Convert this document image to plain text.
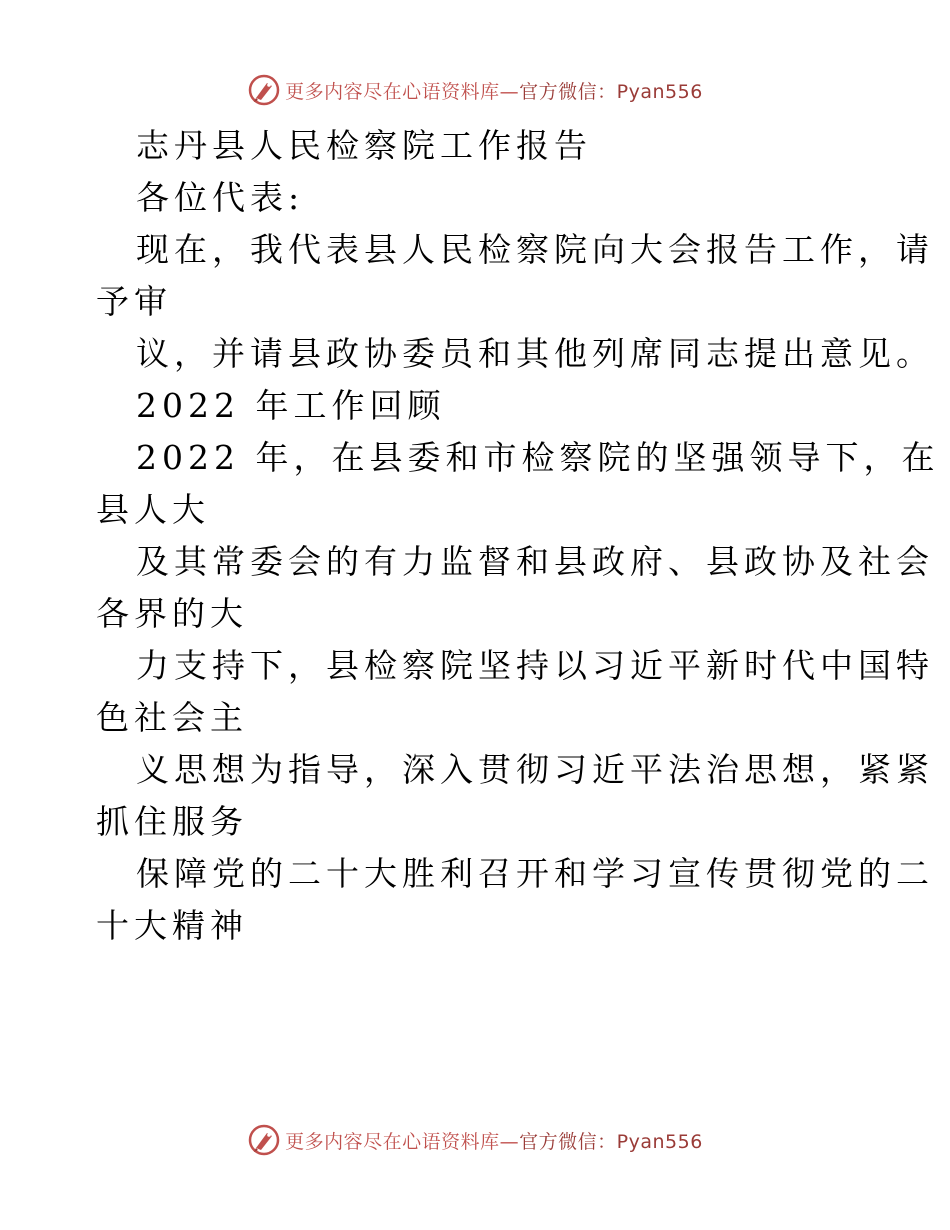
更多内容尽在心语资料库—官方微信：Pyan556

志丹县人民检察院工作报告

各位代表:

现在，我代表县人民检察院向大会报告工作，请

予审

议，并请县政协委员和其他列席同志提出意见。

2022 年工作回顾

2022 年，在县委和市检察院的坚强领导下，在

县人大

及其常委会的有力监督和县政府、县政协及社会

各界的大

力支持下，县检察院坚持以习近平新时代中国特

色社会主

义思想为指导，深入贯彻习近平法治思想，紧紧

抓住服务

保障党的二十大胜利召开和学习宣传贯彻党的二

十大精神

更多内容尽在心语资料库—官方微信：Pyan556
